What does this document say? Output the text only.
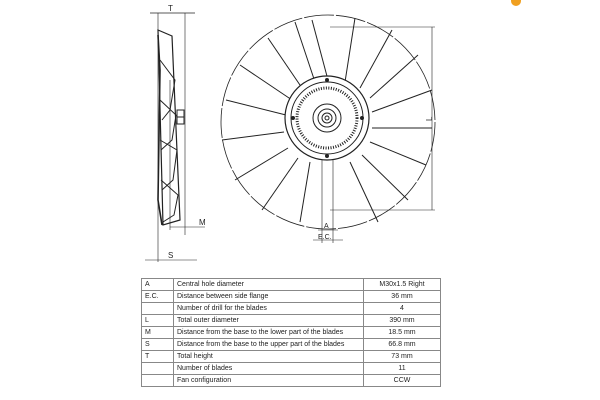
T
M
S
A
E.C.
L
A	Central hole diameter	M30x1.5 Right
E.C.	Distance between side flange	36 mm
	Number of drill for the blades	4
L	Total outer diameter	390 mm
M	Distance from the base to the lower part of the blades	18.5 mm
S	Distance from the base to the upper part of the blades	66.8 mm
T	Total height	73 mm
	Number of blades	11
	Fan configuration	CCW
